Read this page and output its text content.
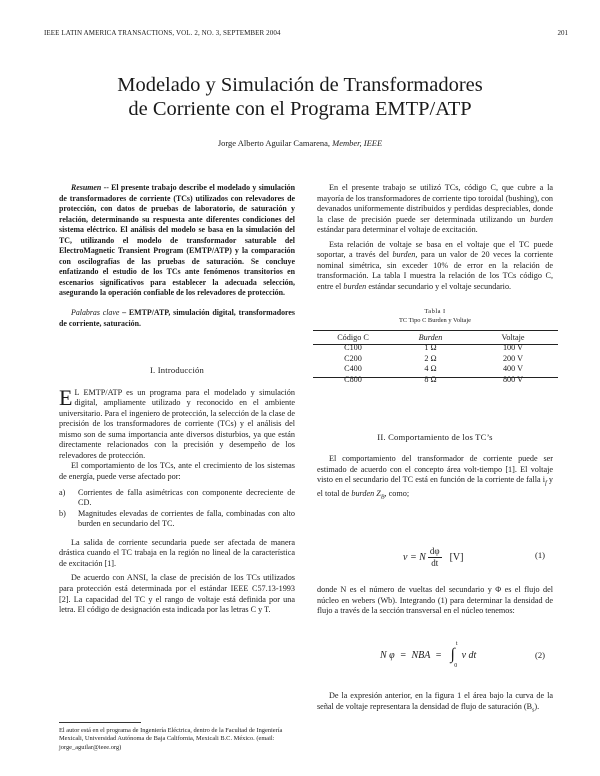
IEEE LATIN AMERICA TRANSACTIONS, VOL. 2, NO. 3, SEPTEMBER 2004	201
Modelado y Simulación de Transformadores
de Corriente con el Programa EMTP/ATP
Jorge Alberto Aguilar Camarena, Member, IEEE

Resumen -- El presente trabajo describe el modelado y simulación de transformadores de corriente (TCs) utilizados con relevadores de protección, con datos de pruebas de laboratorio, de saturación y relación, determinando su respuesta ante diferentes condiciones del sistema eléctrico. El análisis del modelo se basa en la simulación del TC, utilizando el modelo de transformador saturable del ElectroMagnetic Transient Program (EMTP/ATP) y la comparación con oscilografías de las pruebas de saturación. Se concluye enfatizando el estudio de los TCs ante fenómenos transitorios en escenarios significativos para establecer la adecuada selección, asegurando la operación confiable de los relevadores de protección.

Palabras clave – EMTP/ATP, simulación digital, transformadores de corriente, saturación.

I. Introducción

E L EMTP/ATP es un programa para el modelado y simulación digital, ampliamente utilizado y reconocido en el ambiente universitario. Para el ingeniero de protección, la selección de la clase de precisión de los transformadores de corriente (TCs) y el análisis del mismo son de suma importancia ante diversos disturbios, ya que están directamente relacionados con la precisión y desempeño de los relevadores de protección.

El comportamiento de los TCs, ante el crecimiento de los sistemas de energía, puede verse afectado por:

a)	Corrientes de falla asimétricas con componente decreciente de CD.
b)	Magnitudes elevadas de corrientes de falla, combinadas con alto burden en secundario del TC.

La salida de corriente secundaria puede ser afectada de manera drástica cuando el TC trabaja en la región no lineal de la característica de excitación [1].

De acuerdo con ANSI, la clase de precisión de los TCs utilizados para protección está determinada por el estándar IEEE C57.13-1993 [2]. La capacidad del TC y el rango de voltaje está definida por una letra. El código de designación esta indicada por las letras C y T.

El autor está en el programa de Ingeniería Eléctrica, dentro de la Facultad de Ingeniería Mexicali, Universidad Autónoma de Baja California, Mexicali B.C. México. (email: jorge_aguilar@ieee.org)

En el presente trabajo se utilizó TCs, código C, que cubre a la mayoría de los transformadores de corriente tipo toroidal (bushing), con devanados uniformemente distribuidos y perdidas despreciables, donde la clase de precisión puede ser determinada utilizando un burden estándar para determinar el voltaje de excitación.

Esta relación de voltaje se basa en el voltaje que el TC puede soportar, a través del burden, para un valor de 20 veces la corriente nominal simétrica, sin exceder 10% de error en la relación de transformación. La tabla I muestra la relación de los TCs código C, entre el burden estándar secundario y el voltaje secundario.

Tabla I
TC Tipo C Burden y Voltaje
Código C	Burden	Voltaje
C100	1 Ω	100 V
C200	2 Ω	200 V
C400	4 Ω	400 V
C800	8 Ω	800 V
II. Comportamiento de los TC’s

El comportamiento del transformador de corriente puede ser estimado de acuerdo con el concepto área volt-tiempo [1]. El voltaje visto en el secundario del TC está en función de la corriente de falla $i_f$ y el total de burden $Z_B$, como;

v = N $\frac{d\varphi}{dt} [V]$	(1)
donde N es el número de vueltas del secundario y Φ es el flujo del núcleo en webers (Wb). Integrando (1) para determinar la densidad de flujo a través de la sección transversal en el núcleo tenemos:
N φ  =  NBA  =
t
∫
0
v dt	(2)

De la expresión anterior, en la figura 1 el área bajo la curva de la señal de voltaje representara la densidad de flujo de saturación $(B_s)$.
